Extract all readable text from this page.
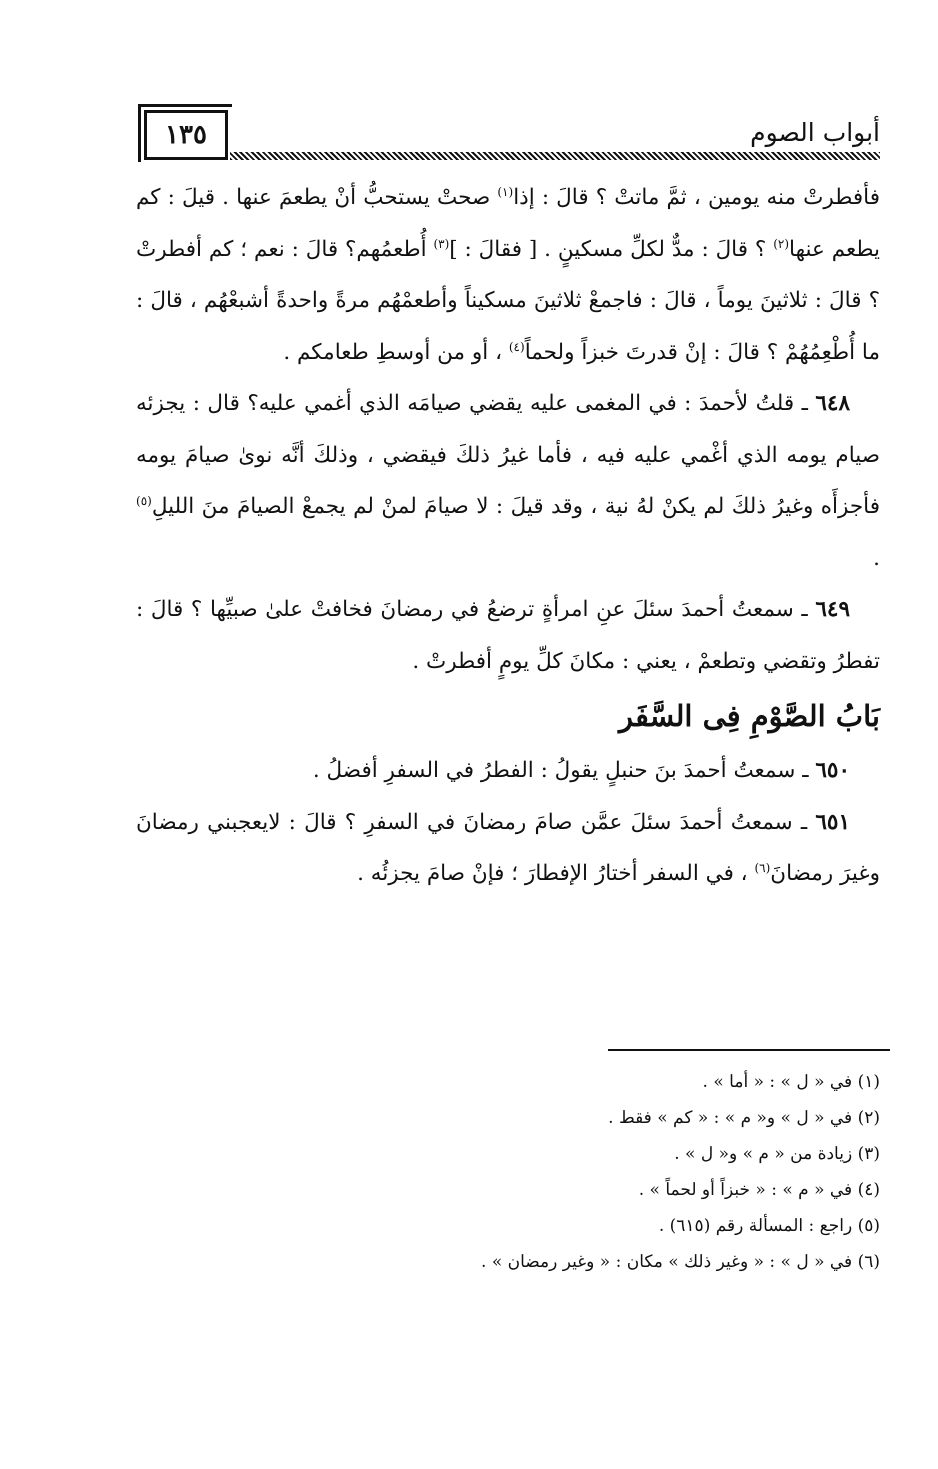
أبواب الصوم
١٣٥

فأفطرتْ منه يومين ، ثمَّ ماتتْ ؟ قالَ : إذا$^{(١)}$ صحتْ يستحبُّ أنْ يطعمَ عنها . قيلَ : كم يطعم عنها$^{(٢)}$ ؟ قالَ : مدٌّ لكلِّ مسكينٍ . [ فقالَ : ]$^{(٣)}$ أُطعمُهم؟ قالَ : نعم ؛ كم أفطرتْ ؟ قالَ : ثلاثينَ يوماً ، قالَ : فاجمعْ ثلاثينَ مسكيناً وأطعمْهُم مرةً واحدةً أشبعْهُم ، قالَ : ما أُطْعِمُهُمْ ؟ قالَ : إنْ قدرتَ خبزاً ولحماً$^{(٤)}$ ، أو من أوسطِ طعامكم .

٦٤٨ ـ قلتُ لأحمدَ : في المغمى عليه يقضي صيامَه الذي أغمي عليه؟ قال : يجزئه صيام يومه الذي أغْمي عليه فيه ، فأما غيرُ ذلكَ فيقضي ، وذلكَ أنَّه نوىٰ صيامَ يومه فأجزأَه وغيرُ ذلكَ لم يكنْ لهُ نية ، وقد قيلَ : لا صيامَ لمنْ لم يجمعْ الصيامَ منَ الليلِ$^{(٥)}$ .

٦٤٩ ـ سمعتُ أحمدَ سئلَ عنِ امرأةٍ ترضعُ في رمضانَ فخافتْ علىٰ صبيِّها ؟ قالَ : تفطرُ وتقضي وتطعمْ ، يعني : مكانَ كلِّ يومٍ أفطرتْ .

بَابُ الصَّوْمِ فِى السَّفَر

٦٥٠ ـ سمعتُ أحمدَ بنَ حنبلٍ يقولُ : الفطرُ في السفرِ أفضلُ .

٦٥١ ـ سمعتُ أحمدَ سئلَ عمَّن صامَ رمضانَ في السفرِ ؟ قالَ : لايعجبني رمضانَ وغيرَ رمضانَ$^{(٦)}$ ، في السفر أختارُ الإفطارَ ؛ فإنْ صامَ يجزئُه .

(١) في « ل » : « أما » .
(٢) في « ل » و« م » : « كم » فقط .
(٣) زيادة من « م » و« ل » .
(٤) في « م » : « خبزاً أو لحماً » .
(٥) راجع : المسألة رقم (٦١٥) .
(٦) في « ل » : « وغير ذلك » مكان : « وغير رمضان » .
